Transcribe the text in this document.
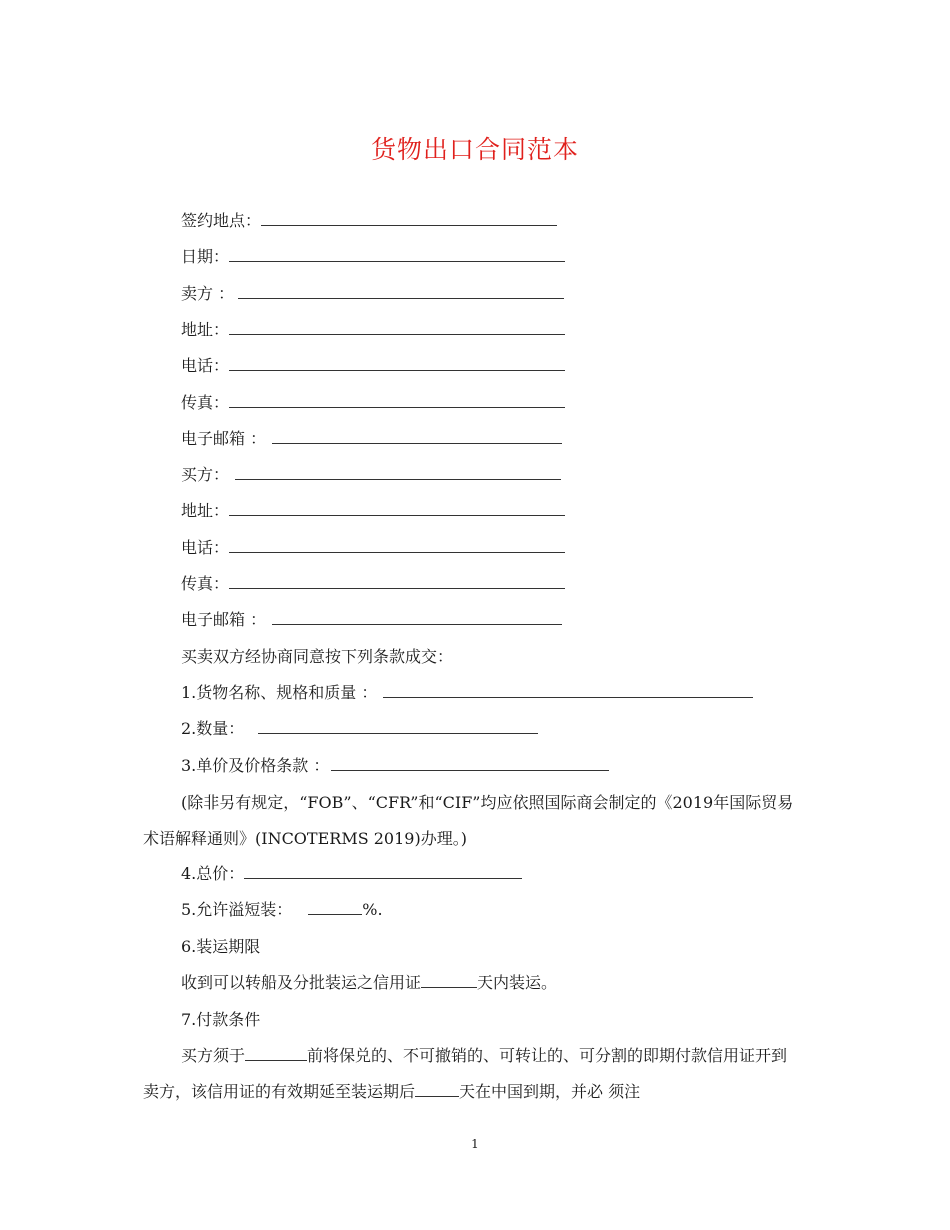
货物出口合同范本
签约地点：
日期：
卖方 ：
地址：
电话：
传真：
电子邮箱 ：
买方：
地址：
电话：
传真：
电子邮箱 ：
买卖双方经协商同意按下列条款成交：
1.货物名称、规格和质量 ：
2.数量：
3.单价及价格条款 ：
(除非另有规定，“FOB”、“CFR”和“CIF”均应依照国际商会制定的《2019年国际贸易术语解释通则》(INCOTERMS 2019)办理。)
4.总价：
5.允许溢短装：	%.
6.装运期限
收到可以转船及分批装运之信用证	天内装运。
7.付款条件
买方须于	前将保兑的、不可撤销的、可转让的、可分割的即期付款信用证开到卖方，该信用证的有效期延至装运期后	天在中国到期，并必 须注
1
